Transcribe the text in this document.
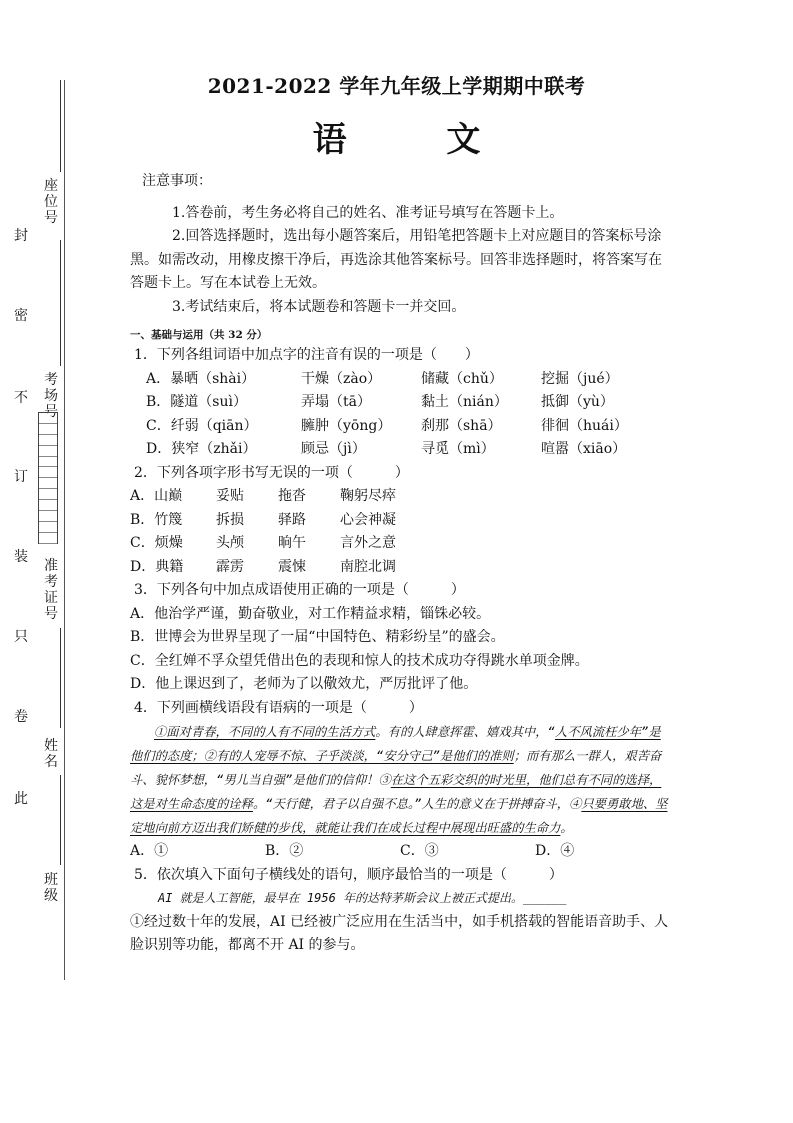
座
位
号
考
场
号
准
考
证
号
姓
名
班
级
封
密
不
订
装
只
卷
此
2021-2022 学年九年级上学期期中联考
语 文
注意事项：

1.答卷前，考生务必将自己的姓名、准考证号填写在答题卡上。

2.回答选择题时，选出每小题答案后，用铅笔把答题卡上对应题目的答案标号涂黑。如需改动，用橡皮擦干净后，再选涂其他答案标号。回答非选择题时，将答案写在答题卡上。写在本试卷上无效。

3.考试结束后，将本试题卷和答题卡一并交回。

一、基础与运用（共 32 分）

1．下列各组词语中加点字的注音有误的一项是（　　）

A．暴晒（shài）	干燥（zào）	储藏（chǔ）	挖掘（jué）
B．隧道（suì）	弄塌（tā）	黏土（nián）	抵御（yù）
C．纤弱（qiān）	臃肿（yōng）	刹那（shā）	徘徊（huái）
D．狭窄（zhǎi）	顾忌（jì）	寻觅（mì）	喧嚣（xiāo）

2．下列各项字形书写无误的一项（　　　）

A．山巅	妥贴	拖沓	鞠躬尽瘁
B．竹篾	拆损	驿路	心会神凝
C．烦燥	头颅	晌午	言外之意
D．典籍	霹雳	震悚	南腔北调

3．下列各句中加点成语使用正确的一项是（　　　）

A．他治学严谨，勤奋敬业，对工作精益求精，锱铢必较。

B．世博会为世界呈现了一届“中国特色、精彩纷呈”的盛会。

C．全红婵不孚众望凭借出色的表现和惊人的技术成功夺得跳水单项金牌。

D．他上课迟到了，老师为了以儆效尤，严厉批评了他。

4．下列画横线语段有语病的一项是（　　　）

①面对青春，不同的人有不同的生活方式。有的人肆意挥霍、嬉戏其中，“人不风流枉少年”是他们的态度；②有的人宠辱不惊、子乎淡淡，“安分守己”是他们的准则；而有那么一群人，艰苦奋斗、貌怀梦想，“男儿当自强”是他们的信仰！③在这个五彩交织的时光里，他们总有不同的选择，这是对生命态度的诠释。“天行健，君子以自强不息。”人生的意义在于拼搏奋斗，④只要勇敢地、坚定地向前方迈出我们矫健的步伐，就能让我们在成长过程中展现出旺盛的生命力。

A．①	B．②	C．③	D．④

5．依次填入下面句子横线处的语句，顺序最恰当的一项是（　　　）

AI 就是人工智能，最早在 1956 年的达特茅斯会议上被正式提出。______

①经过数十年的发展，AI 已经被广泛应用在生活当中，如手机搭载的智能语音助手、人脸识别等功能，都离不开 AI 的参与。
